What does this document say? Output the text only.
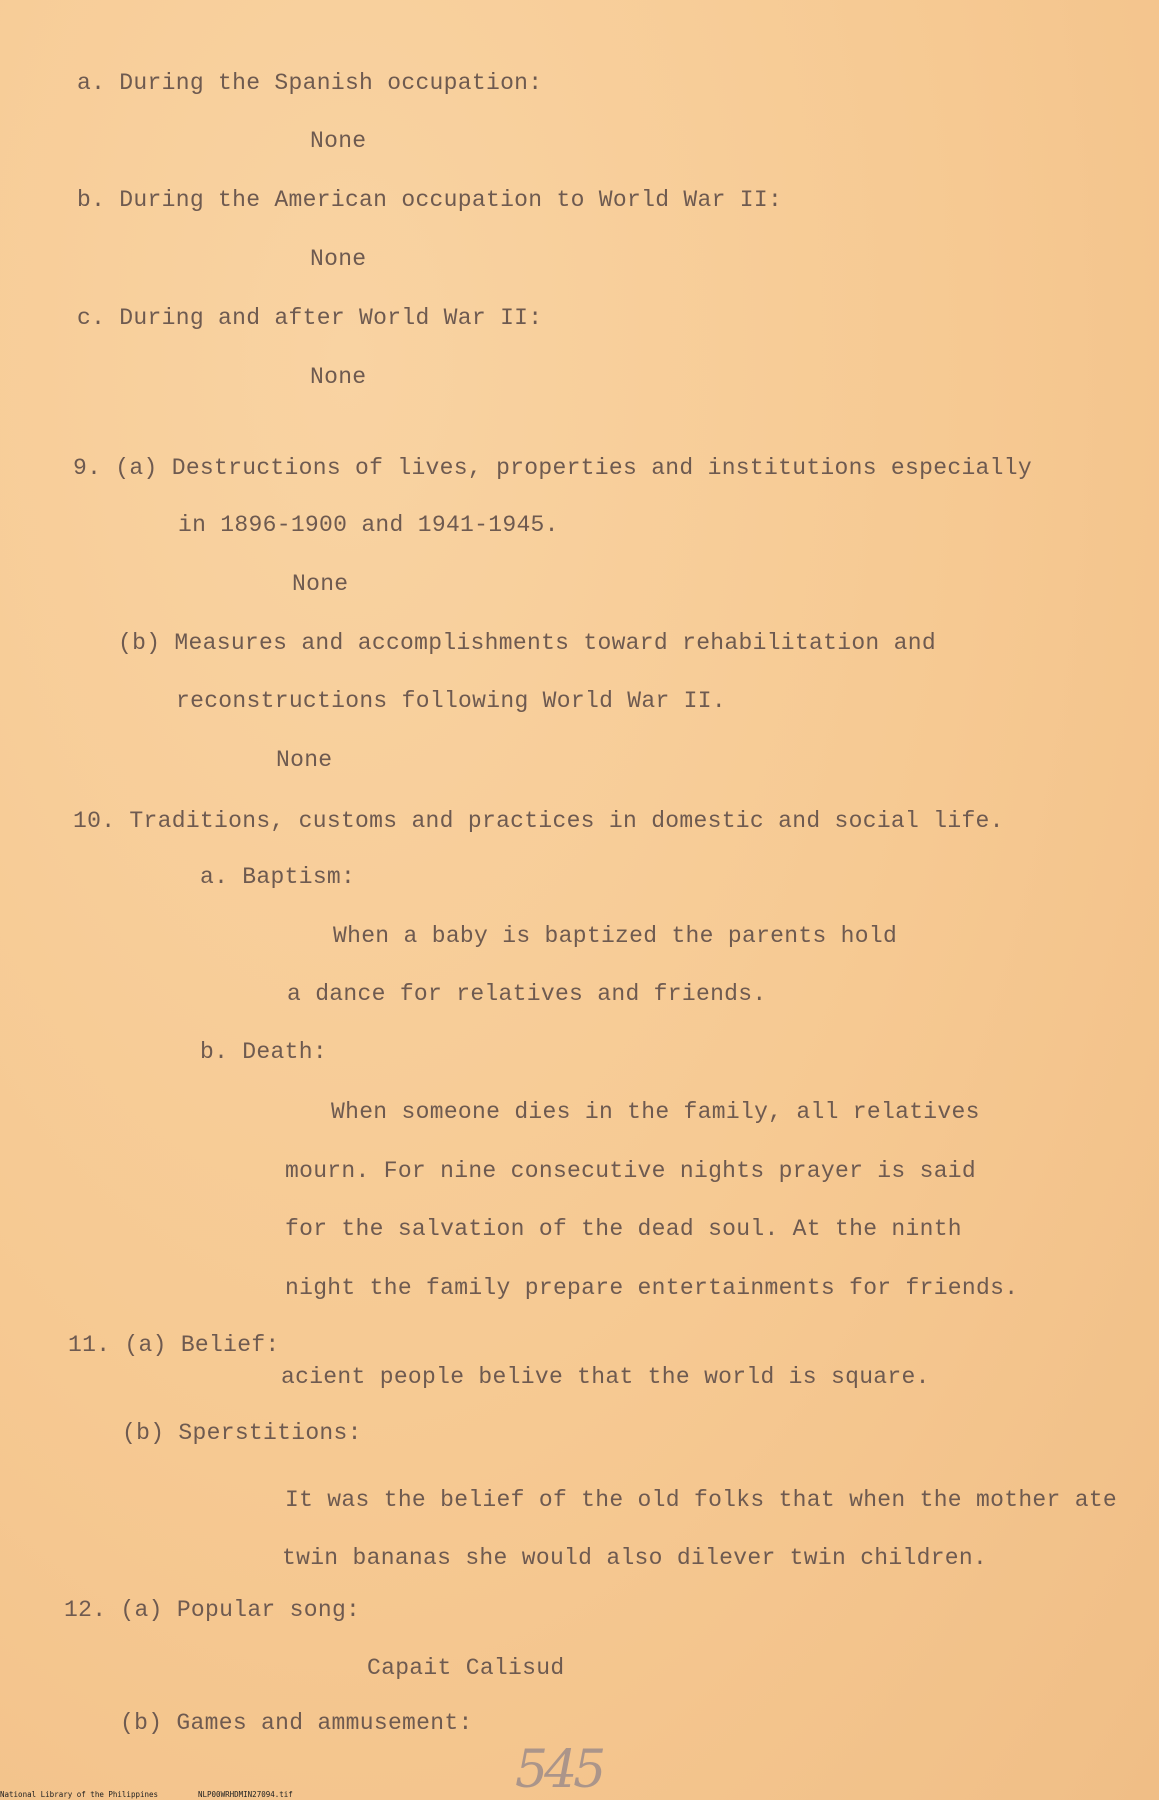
a. During the Spanish occupation:
None
b. During the American occupation to World War II:
None
c. During and after World War II:
None
9. (a) Destructions of lives, properties and institutions especially
in 1896-1900 and 1941-1945.
None
(b) Measures and accomplishments toward rehabilitation and
reconstructions following World War II.
None
10. Traditions, customs and practices in domestic and social life.
a. Baptism:
When a baby is baptized the parents hold
a dance for relatives and friends.
b. Death:
When someone dies in the family, all relatives
mourn. For nine consecutive nights prayer is said
for the salvation of the dead soul. At the ninth
night the family prepare entertainments for friends.
11. (a) Belief:
acient people belive that the world is square.
(b) Sperstitions:
It was the belief of the old folks that when the mother ate
twin bananas she would also dilever twin children.
12. (a) Popular song:
Capait Calisud
(b) Games and ammusement:
545
National Library of the Philippines	NLP00WRHDMIN27094.tif
